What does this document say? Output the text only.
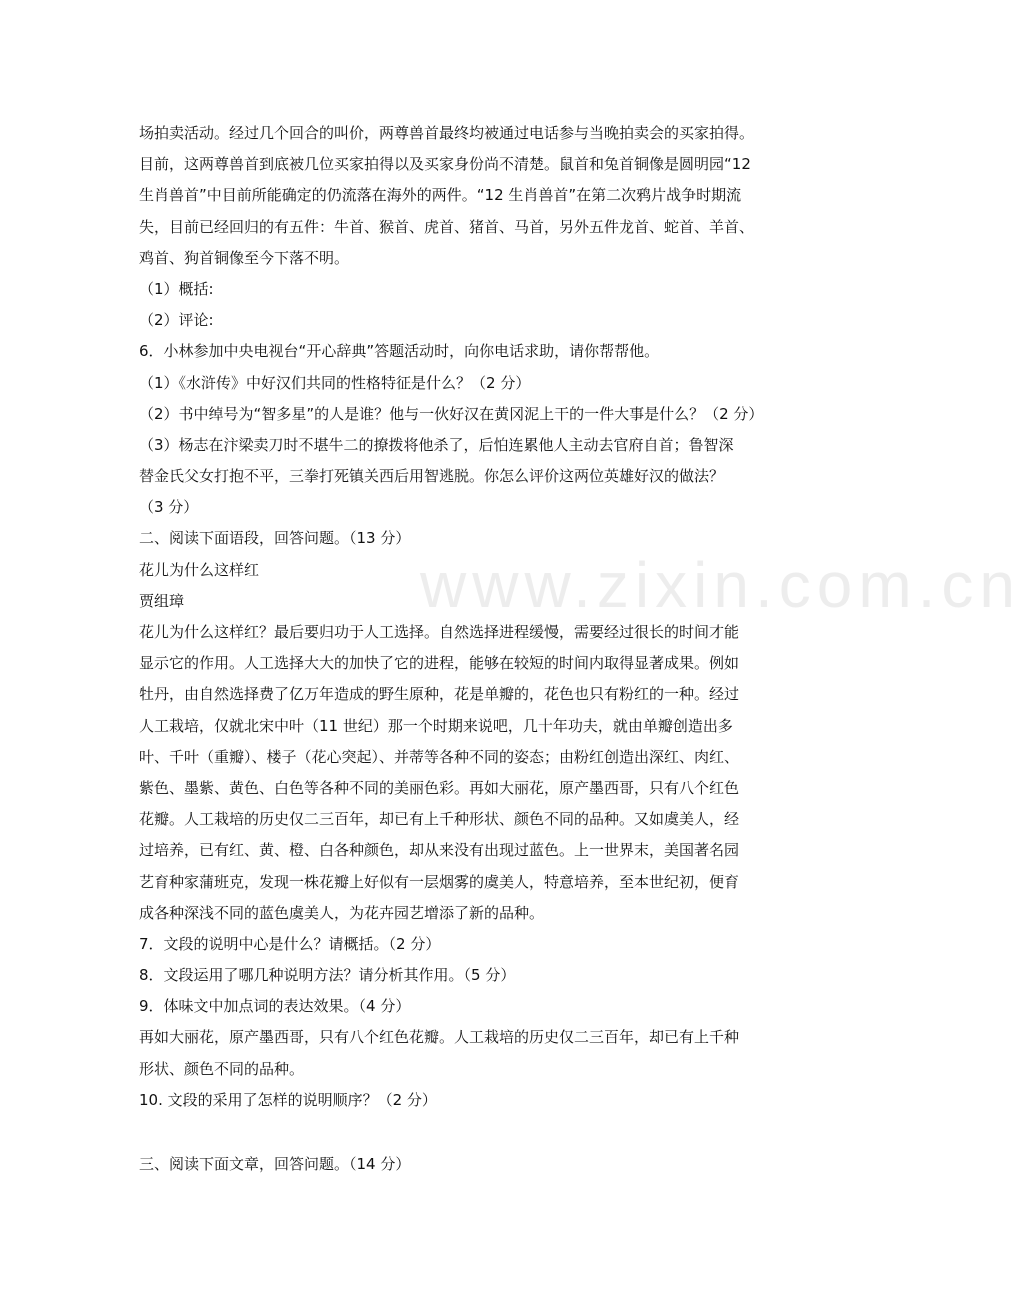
www.zixin.com.cn
场拍卖活动。经过几个回合的叫价，两尊兽首最终均被通过电话参与当晚拍卖会的买家拍得。
目前，这两尊兽首到底被几位买家拍得以及买家身份尚不清楚。鼠首和兔首铜像是圆明园“12
生肖兽首”中目前所能确定的仍流落在海外的两件。“12 生肖兽首”在第二次鸦片战争时期流
失，目前已经回归的有五件：牛首、猴首、虎首、猪首、马首，另外五件龙首、蛇首、羊首、
鸡首、狗首铜像至今下落不明。
（1）概括:
（2）评论:
6．小林参加中央电视台“开心辞典”答题活动时，向你电话求助，请你帮帮他。
（1）《水浒传》中好汉们共同的性格特征是什么？（2 分）
（2）书中绰号为“智多星”的人是谁？他与一伙好汉在黄冈泥上干的一件大事是什么？（2 分）
（3）杨志在汴梁卖刀时不堪牛二的撩拨将他杀了，后怕连累他人主动去官府自首；鲁智深
替金氏父女打抱不平，三拳打死镇关西后用智逃脱。你怎么评价这两位英雄好汉的做法？
（3 分）
二、阅读下面语段，回答问题。（13 分）
花儿为什么这样红
贾组璋
花儿为什么这样红？最后要归功于人工选择。自然选择进程缓慢，需要经过很长的时间才能
显示它的作用。人工选择大大的加快了它的进程，能够在较短的时间内取得显著成果。例如
牡丹，由自然选择费了亿万年造成的野生原种，花是单瓣的，花色也只有粉红的一种。经过
人工栽培，仅就北宋中叶（11 世纪）那一个时期来说吧，几十年功夫，就由单瓣创造出多
叶、千叶（重瓣）、楼子（花心突起）、并蒂等各种不同的姿态；由粉红创造出深红、肉红、
紫色、墨紫、黄色、白色等各种不同的美丽色彩。再如大丽花，原产墨西哥，只有八个红色
花瓣。人工栽培的历史仅二三百年，却已有上千种形状、颜色不同的品种。又如虞美人，经
过培养，已有红、黄、橙、白各种颜色，却从来没有出现过蓝色。上一世界末，美国著名园
艺育种家蒲班克，发现一株花瓣上好似有一层烟雾的虞美人，特意培养，至本世纪初，便育
成各种深浅不同的蓝色虞美人，为花卉园艺增添了新的品种。
7．文段的说明中心是什么？请概括。（2 分）
8．文段运用了哪几种说明方法？请分析其作用。（5 分）
9．体味文中加点词的表达效果。（4 分）
再如大丽花，原产墨西哥，只有八个红色花瓣。人工栽培的历史仅二三百年，却已有上千种
形状、颜色不同的品种。
10. 文段的采用了怎样的说明顺序？（2 分）
三、阅读下面文章，回答问题。（14 分）
